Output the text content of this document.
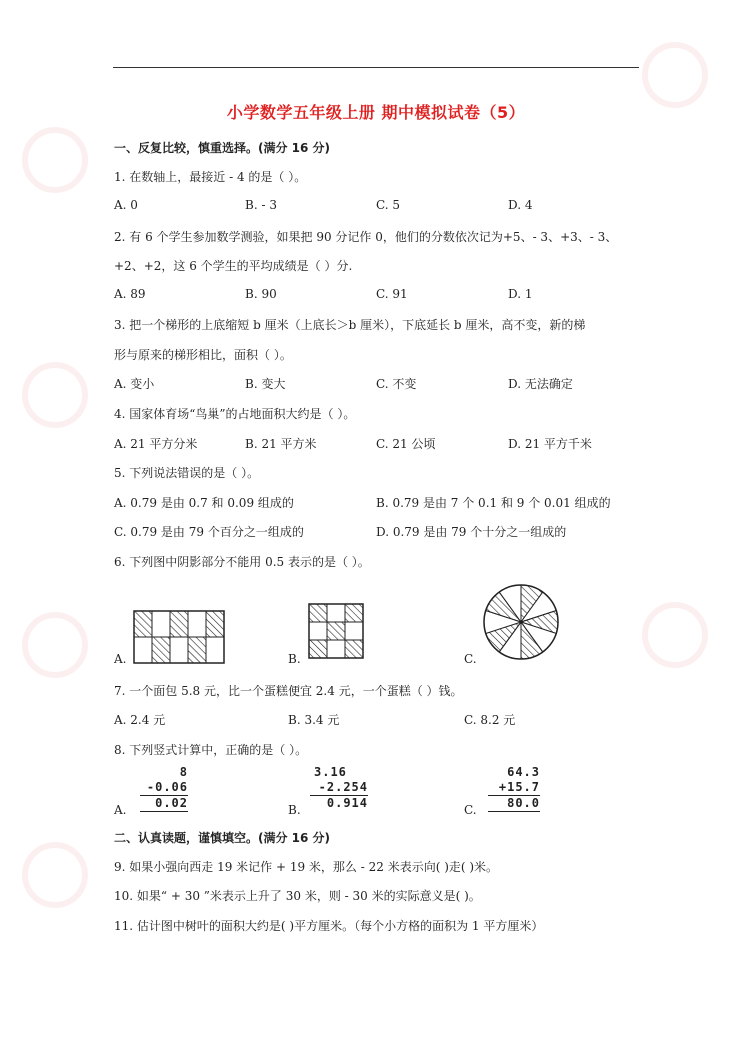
小学数学五年级上册 期中模拟试卷（5）
一、反复比较，慎重选择。(满分 16 分)
1. 在数轴上，最接近 - 4 的是（ ）。
A. 0	B. - 3	C. 5	D. 4
2. 有 6 个学生参加数学测验，如果把 90 分记作 0，他们的分数依次记为+5、- 3、+3、- 3、
+2、+2，这 6 个学生的平均成绩是（ ）分.
A. 89	B. 90	C. 91	D. 1
3. 把一个梯形的上底缩短 b 厘米（上底长＞b 厘米），下底延长 b 厘米，高不变，新的梯
形与原来的梯形相比，面积（ ）。
A. 变小	B. 变大	C. 不变	D. 无法确定
4. 国家体育场“鸟巢”的占地面积大约是（ ）。
A. 21 平方分米	B. 21 平方米	C. 21 公顷	D. 21 平方千米
5. 下列说法错误的是（ ）。
A. 0.79 是由 0.7 和 0.09 组成的	B. 0.79 是由 7 个 0.1 和 9 个 0.01 组成的
C. 0.79 是由 79 个百分之一组成的	D. 0.79 是由 79 个十分之一组成的
6. 下列图中阴影部分不能用 0.5 表示的是（ ）。
A.	B.	C.
7. 一个面包 5.8 元，比一个蛋糕便宜 2.4 元，一个蛋糕（ ）钱。
A. 2.4 元	B. 3.4 元	C. 8.2 元
8. 下列竖式计算中，正确的是（ ）。
A.
8
-0.06
0.02	B.
3.16
-2.254
0.914	C.
64.3
+15.7
80.0
二、认真读题，谨慎填空。(满分 16 分)
9. 如果小强向西走 19 米记作 + 19 米，那么 - 22 米表示向( )走( )米。
10. 如果“ + 30 ”米表示上升了 30 米，则 - 30 米的实际意义是( )。
11. 估计图中树叶的面积大约是( )平方厘米。（每个小方格的面积为 1 平方厘米）
